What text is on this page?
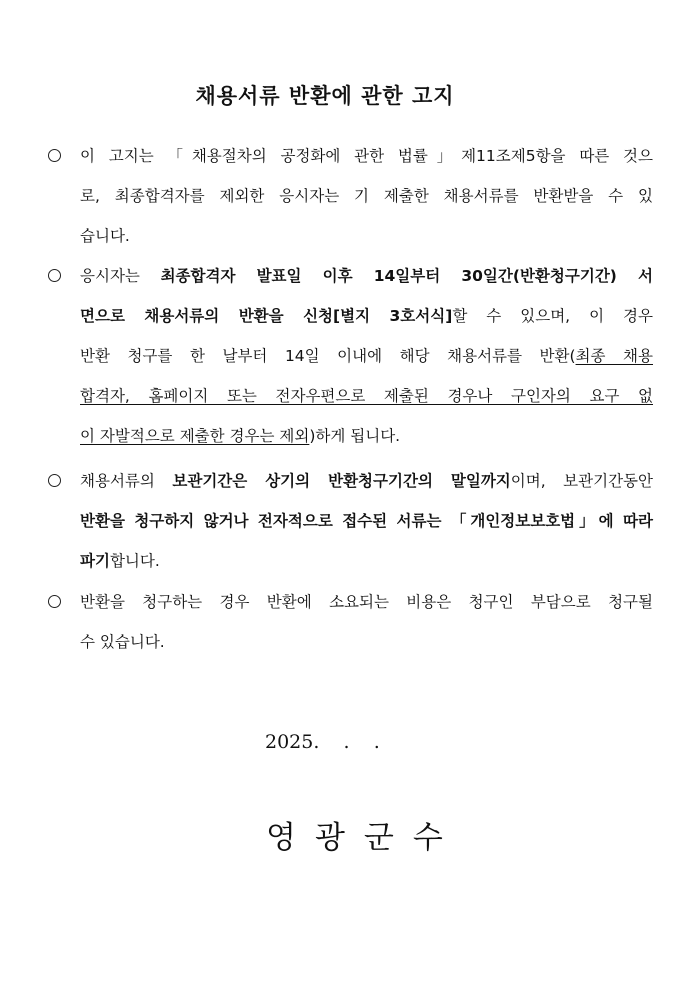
채용서류 반환에 관한 고지
이 고지는 「채용절차의 공정화에 관한 법률」제11조제5항을 따른 것으
로, 최종합격자를 제외한 응시자는 기 제출한 채용서류를 반환받을 수 있
습니다.
응시자는 최종합격자 발표일 이후 14일부터 30일간(반환청구기간) 서
면으로 채용서류의 반환을 신청[별지 3호서식]할 수 있으며, 이 경우
반환 청구를 한 날부터 14일 이내에 해당 채용서류를 반환(최종 채용
합격자, 홈페이지 또는 전자우편으로 제출된 경우나 구인자의 요구 없
이 자발적으로 제출한 경우는 제외)하게 됩니다.
채용서류의 보관기간은 상기의 반환청구기간의 말일까지이며, 보관기간동안
반환을 청구하지 않거나 전자적으로 접수된 서류는 「개인정보보호법」에 따라
파기합니다.
반환을 청구하는 경우 반환에 소요되는 비용은 청구인 부담으로 청구될
수 있습니다.
2025.    .    .
영광군수
